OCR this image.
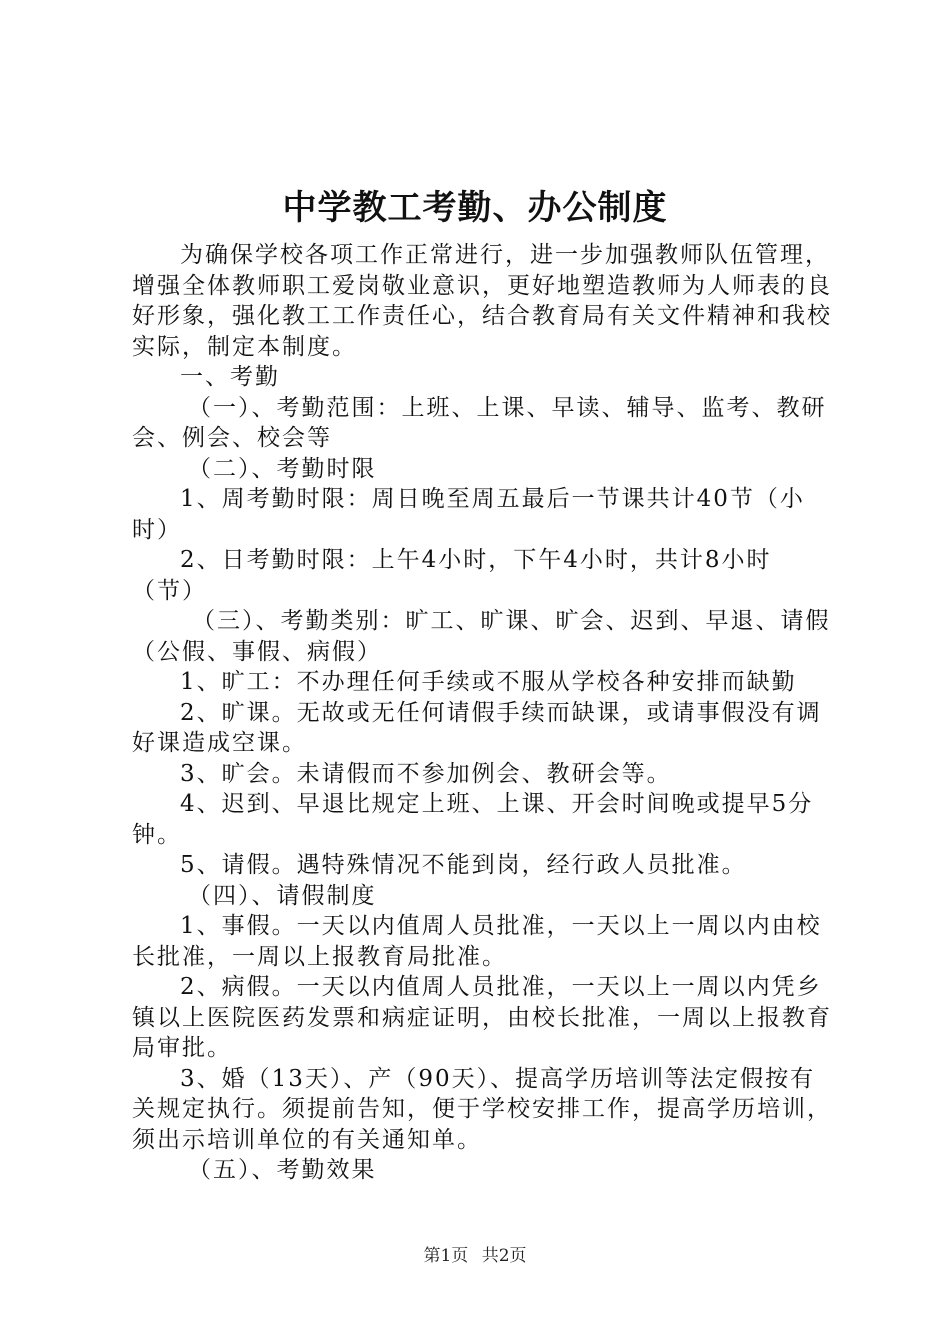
中学教工考勤、办公制度

为确保学校各项工作正常进行，进一步加强教师队伍管理，增强全体教师职工爱岗敬业意识，更好地塑造教师为人师表的良好形象，强化教工工作责任心，结合教育局有关文件精神和我校实际，制定本制度。

一、考勤

（一）、考勤范围：上班、上课、早读、辅导、监考、教研会、例会、校会等

（二）、考勤时限

1、周考勤时限：周日晚至周五最后一节课共计40节（小时）

2、日考勤时限：上午4小时，下午4小时，共计8小时（节）

（三）、考勤类别：旷工、旷课、旷会、迟到、早退、请假（公假、事假、病假）

1、旷工：不办理任何手续或不服从学校各种安排而缺勤

2、旷课。无故或无任何请假手续而缺课，或请事假没有调好课造成空课。

3、旷会。未请假而不参加例会、教研会等。

4、迟到、早退比规定上班、上课、开会时间晚或提早5分钟。

5、请假。遇特殊情况不能到岗，经行政人员批准。

（四）、请假制度

1、事假。一天以内值周人员批准，一天以上一周以内由校长批准，一周以上报教育局批准。

2、病假。一天以内值周人员批准，一天以上一周以内凭乡镇以上医院医药发票和病症证明，由校长批准，一周以上报教育局审批。

3、婚（13天）、产（90天）、提高学历培训等法定假按有关规定执行。须提前告知，便于学校安排工作，提高学历培训，须出示培训单位的有关通知单。

（五）、考勤效果

第1页 共2页
